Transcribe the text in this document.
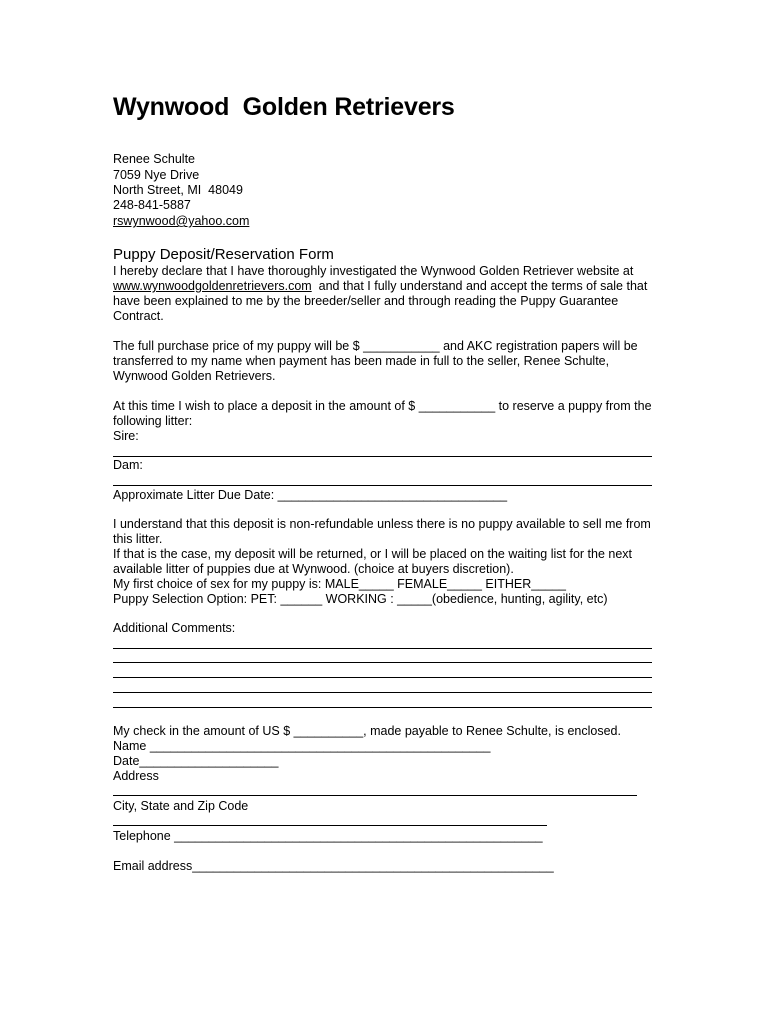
Wynwood  Golden Retrievers
Renee Schulte
7059 Nye Drive
North Street, MI  48049
248-841-5887
rswynwood@yahoo.com
Puppy Deposit/Reservation Form
I hereby declare that I have thoroughly investigated the Wynwood Golden Retriever website at
www.wynwoodgoldenretrievers.com  and that I fully understand and accept the terms of sale that
have been explained to me by the breeder/seller and through reading the Puppy Guarantee
Contract.
The full purchase price of my puppy will be $ ___________ and AKC registration papers will be
transferred to my name when payment has been made in full to the seller, Renee Schulte,
Wynwood Golden Retrievers.
At this time I wish to place a deposit in the amount of $ ___________ to reserve a puppy from the
following litter:
Sire:
Dam:
Approximate Litter Due Date: _________________________________
I understand that this deposit is non-refundable unless there is no puppy available to sell me from
this litter.
If that is the case, my deposit will be returned, or I will be placed on the waiting list for the next
available litter of puppies due at Wynwood. (choice at buyers discretion).
My first choice of sex for my puppy is: MALE_____ FEMALE_____ EITHER_____
Puppy Selection Option: PET: ______ WORKING : _____(obedience, hunting, agility, etc)
Additional Comments:
My check in the amount of US $ __________, made payable to Renee Schulte, is enclosed.
Name _________________________________________________
Date____________________
Address
City, State and Zip Code
Telephone _____________________________________________________
Email address____________________________________________________
